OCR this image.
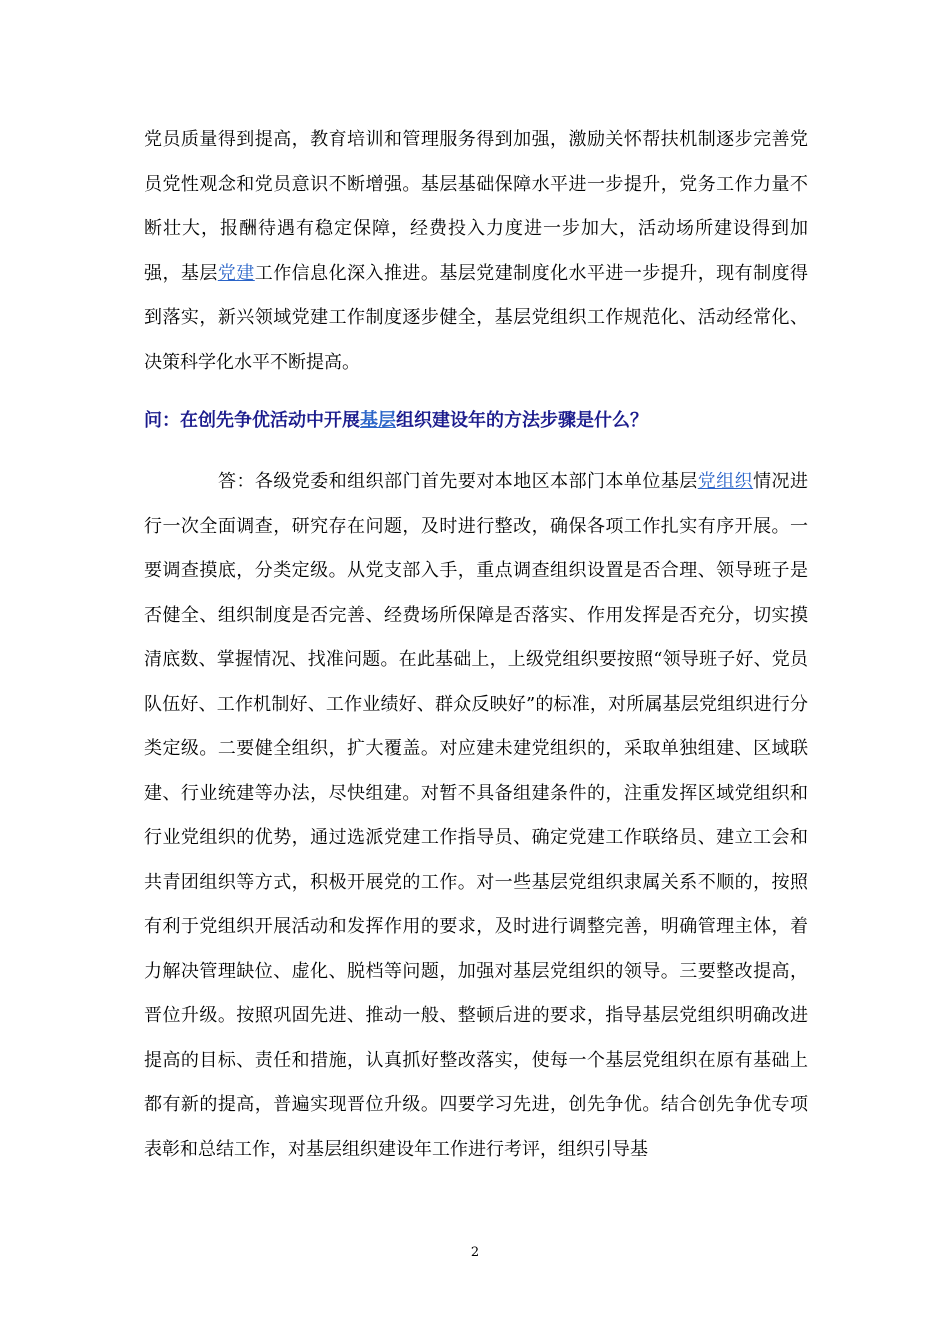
党员质量得到提高，教育培训和管理服务得到加强，激励关怀帮扶机制逐步完善党员党性观念和党员意识不断增强。基层基础保障水平进一步提升，党务工作力量不断壮大，报酬待遇有稳定保障，经费投入力度进一步加大，活动场所建设得到加强，基层党建工作信息化深入推进。基层党建制度化水平进一步提升，现有制度得到落实，新兴领域党建工作制度逐步健全，基层党组织工作规范化、活动经常化、决策科学化水平不断提高。
问：在创先争优活动中开展基层组织建设年的方法步骤是什么？
答：各级党委和组织部门首先要对本地区本部门本单位基层党组织情况进行一次全面调查，研究存在问题，及时进行整改，确保各项工作扎实有序开展。一要调查摸底，分类定级。从党支部入手，重点调查组织设置是否合理、领导班子是否健全、组织制度是否完善、经费场所保障是否落实、作用发挥是否充分，切实摸清底数、掌握情况、找准问题。在此基础上，上级党组织要按照“领导班子好、党员队伍好、工作机制好、工作业绩好、群众反映好”的标准，对所属基层党组织进行分类定级。二要健全组织，扩大覆盖。对应建未建党组织的，采取单独组建、区域联建、行业统建等办法，尽快组建。对暂不具备组建条件的，注重发挥区域党组织和行业党组织的优势，通过选派党建工作指导员、确定党建工作联络员、建立工会和共青团组织等方式，积极开展党的工作。对一些基层党组织隶属关系不顺的，按照有利于党组织开展活动和发挥作用的要求，及时进行调整完善，明确管理主体，着力解决管理缺位、虚化、脱档等问题，加强对基层党组织的领导。三要整改提高，晋位升级。按照巩固先进、推动一般、整顿后进的要求，指导基层党组织明确改进提高的目标、责任和措施，认真抓好整改落实，使每一个基层党组织在原有基础上都有新的提高，普遍实现晋位升级。四要学习先进，创先争优。结合创先争优专项表彰和总结工作，对基层组织建设年工作进行考评，组织引导基
2
